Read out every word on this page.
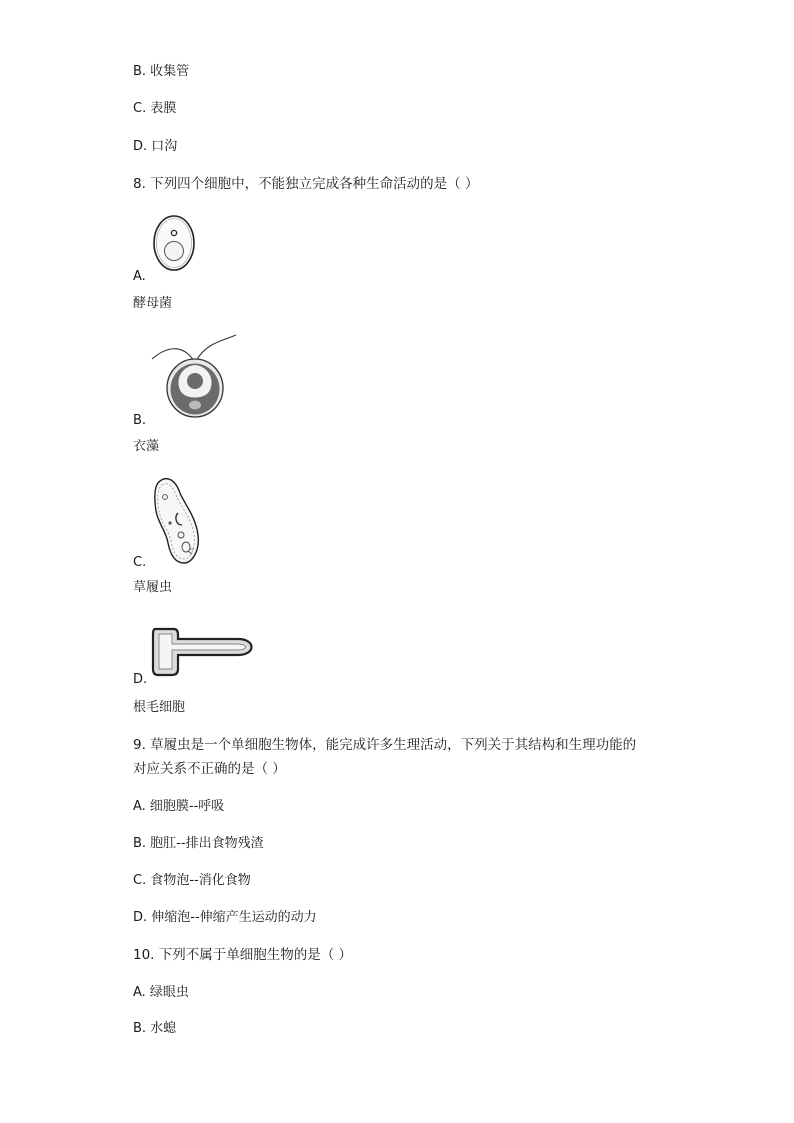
B. 收集管
C. 表膜
D. 口沟
8. 下列四个细胞中，不能独立完成各种生命活动的是（ ）
A.
酵母菌
B.
衣藻
C.
草履虫
D.
根毛细胞
9. 草履虫是一个单细胞生物体，能完成许多生理活动，下列关于其结构和生理功能的
对应关系不正确的是（ ）
A. 细胞膜--呼吸
B. 胞肛--排出食物残渣
C. 食物泡--消化食物
D. 伸缩泡--伸缩产生运动的动力
10. 下列不属于单细胞生物的是（ ）
A. 绿眼虫
B. 水螅
